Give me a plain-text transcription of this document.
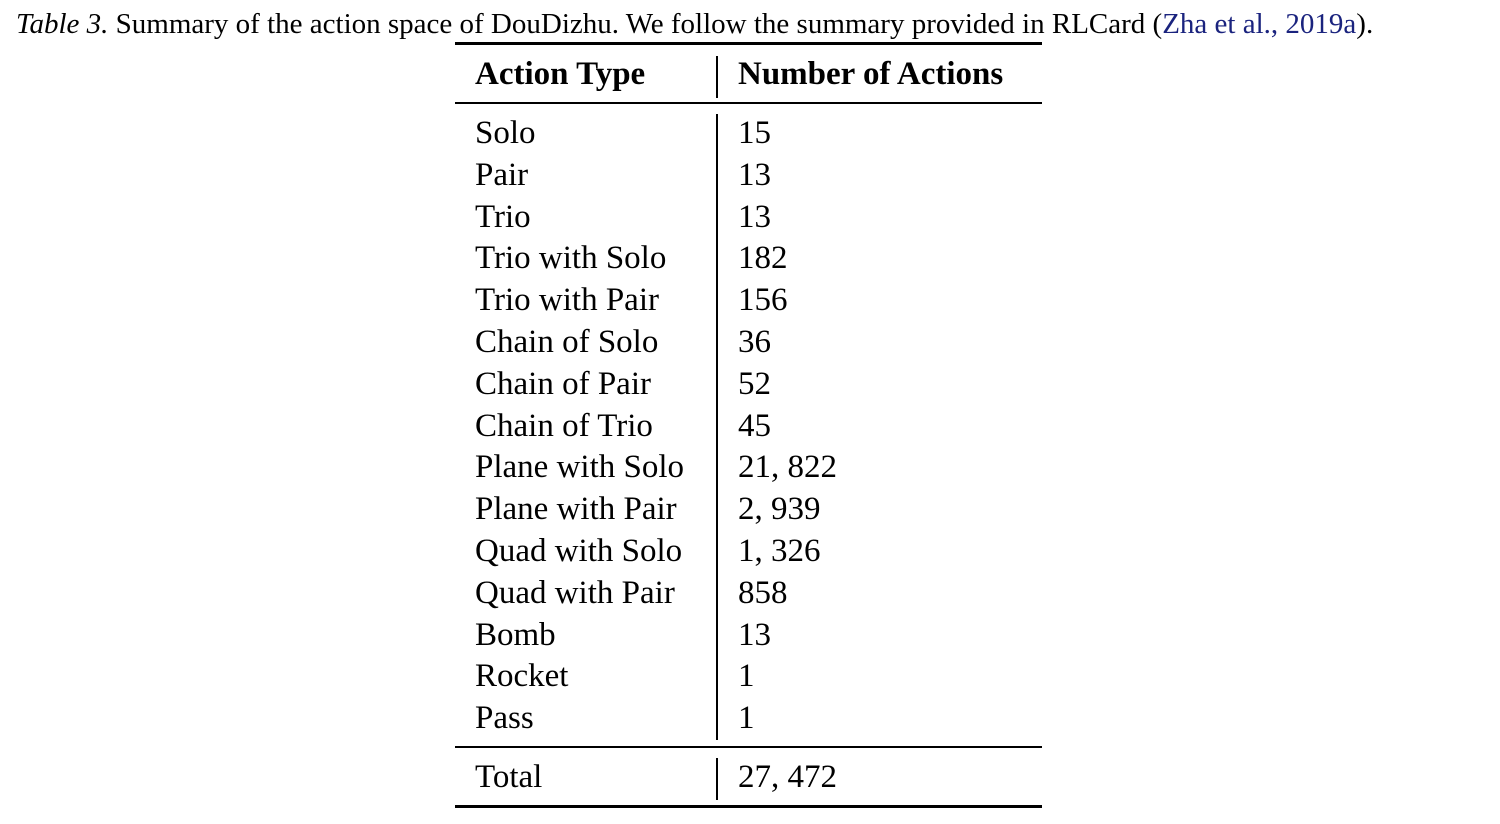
Table 3. Summary of the action space of DouDizhu. We follow the summary provided in RLCard (Zha et al., 2019a).
Action Type	Number of Actions
Solo	15
Pair	13
Trio	13
Trio with Solo 182
Trio with Pair 156
Chain of Solo 36
Chain of Pair	52
Chain of Trio	45
Plane with Solo 21, 822
Plane with Pair 2, 939
Quad with Solo 1, 326
Quad with Pair 858
Bomb	13
Rocket	1
Pass	1
Total	27, 472
